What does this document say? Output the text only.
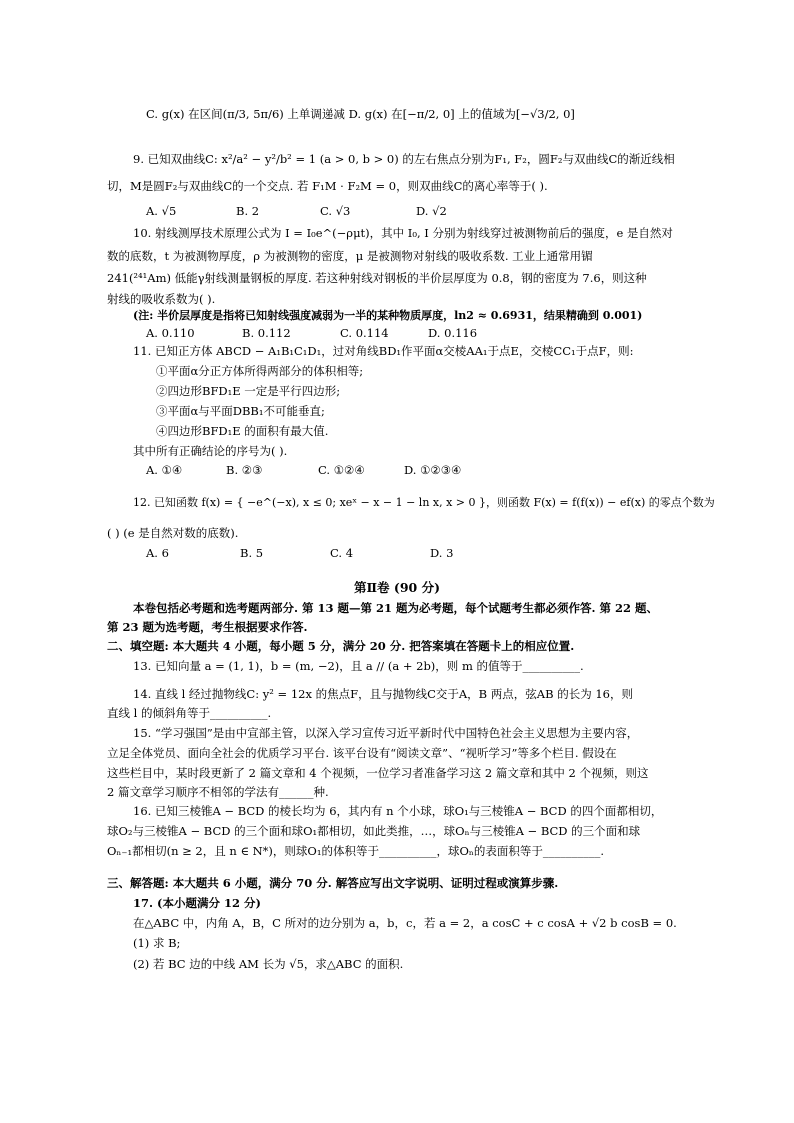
C. g(x) 在区间(π/3, 5π/6) 上单调递减 D. g(x) 在[−π/2, 0] 上的值域为[−√3/2, 0]
9. 已知双曲线C: x²/a² − y²/b² = 1 (a > 0, b > 0) 的左右焦点分别为F₁, F₂，圆F₂与双曲线C的渐近线相
切，M是圆F₂与双曲线C的一个交点. 若 F₁M · F₂M = 0，则双曲线C的离心率等于( ).
A. √5	B. 2	C. √3	D. √2
10. 射线测厚技术原理公式为 I = I₀e^(−ρμt)，其中 I₀, I 分别为射线穿过被测物前后的强度，e 是自然对
数的底数，t 为被测物厚度，ρ 为被测物的密度，μ 是被测物对射线的吸收系数. 工业上通常用镅
241(²⁴¹Am) 低能γ射线测量钢板的厚度. 若这种射线对钢板的半价层厚度为 0.8，钢的密度为 7.6，则这种
射线的吸收系数为( ).
(注: 半价层厚度是指将已知射线强度减弱为一半的某种物质厚度，ln2 ≈ 0.6931，结果精确到 0.001)
A. 0.110	B. 0.112	C. 0.114	D. 0.116
11. 已知正方体 ABCD − A₁B₁C₁D₁，过对角线BD₁作平面α交棱AA₁于点E，交棱CC₁于点F，则:
①平面α分正方体所得两部分的体积相等;
②四边形BFD₁E 一定是平行四边形;
③平面α与平面DBB₁不可能垂直;
④四边形BFD₁E 的面积有最大值.
其中所有正确结论的序号为( ).
A. ①④	B. ②③	C. ①②④	D. ①②③④
12. 已知函数 f(x) = { −e^(−x), x ≤ 0; xeˣ − x − 1 − ln x, x > 0 }，则函数 F(x) = f(f(x)) − ef(x) 的零点个数为
( ) (e 是自然对数的底数).
A. 6	B. 5	C. 4	D. 3
第Ⅱ卷 (90 分)
本卷包括必考题和选考题两部分. 第 13 题—第 21 题为必考题，每个试题考生都必须作答. 第 22 题、
第 23 题为选考题，考生根据要求作答.
二、填空题: 本大题共 4 小题，每小题 5 分，满分 20 分. 把答案填在答题卡上的相应位置.
13. 已知向量 a = (1, 1)，b = (m, −2)，且 a // (a + 2b)，则 m 的值等于__________.
14. 直线 l 经过抛物线C: y² = 12x 的焦点F，且与抛物线C交于A，B 两点，弦AB 的长为 16，则
直线 l 的倾斜角等于__________.
15. “学习强国”是由中宣部主管，以深入学习宣传习近平新时代中国特色社会主义思想为主要内容，
立足全体党员、面向全社会的优质学习平台. 该平台设有“阅读文章”、“视听学习”等多个栏目. 假设在
这些栏目中，某时段更新了 2 篇文章和 4 个视频，一位学习者准备学习这 2 篇文章和其中 2 个视频，则这
2 篇文章学习顺序不相邻的学法有______种.
16. 已知三棱锥A − BCD 的棱长均为 6，其内有 n 个小球，球O₁与三棱锥A − BCD 的四个面都相切，
球O₂与三棱锥A − BCD 的三个面和球O₁都相切，如此类推，…，球Oₙ与三棱锥A − BCD 的三个面和球
Oₙ₋₁都相切(n ≥ 2，且 n ∈ N*)，则球O₁的体积等于__________，球Oₙ的表面积等于__________.
三、解答题: 本大题共 6 小题，满分 70 分. 解答应写出文字说明、证明过程或演算步骤.
17. (本小题满分 12 分)
在△ABC 中，内角 A，B，C 所对的边分别为 a，b，c，若 a = 2，a cosC + c cosA + √2 b cosB = 0.
(1) 求 B;
(2) 若 BC 边的中线 AM 长为 √5，求△ABC 的面积.
